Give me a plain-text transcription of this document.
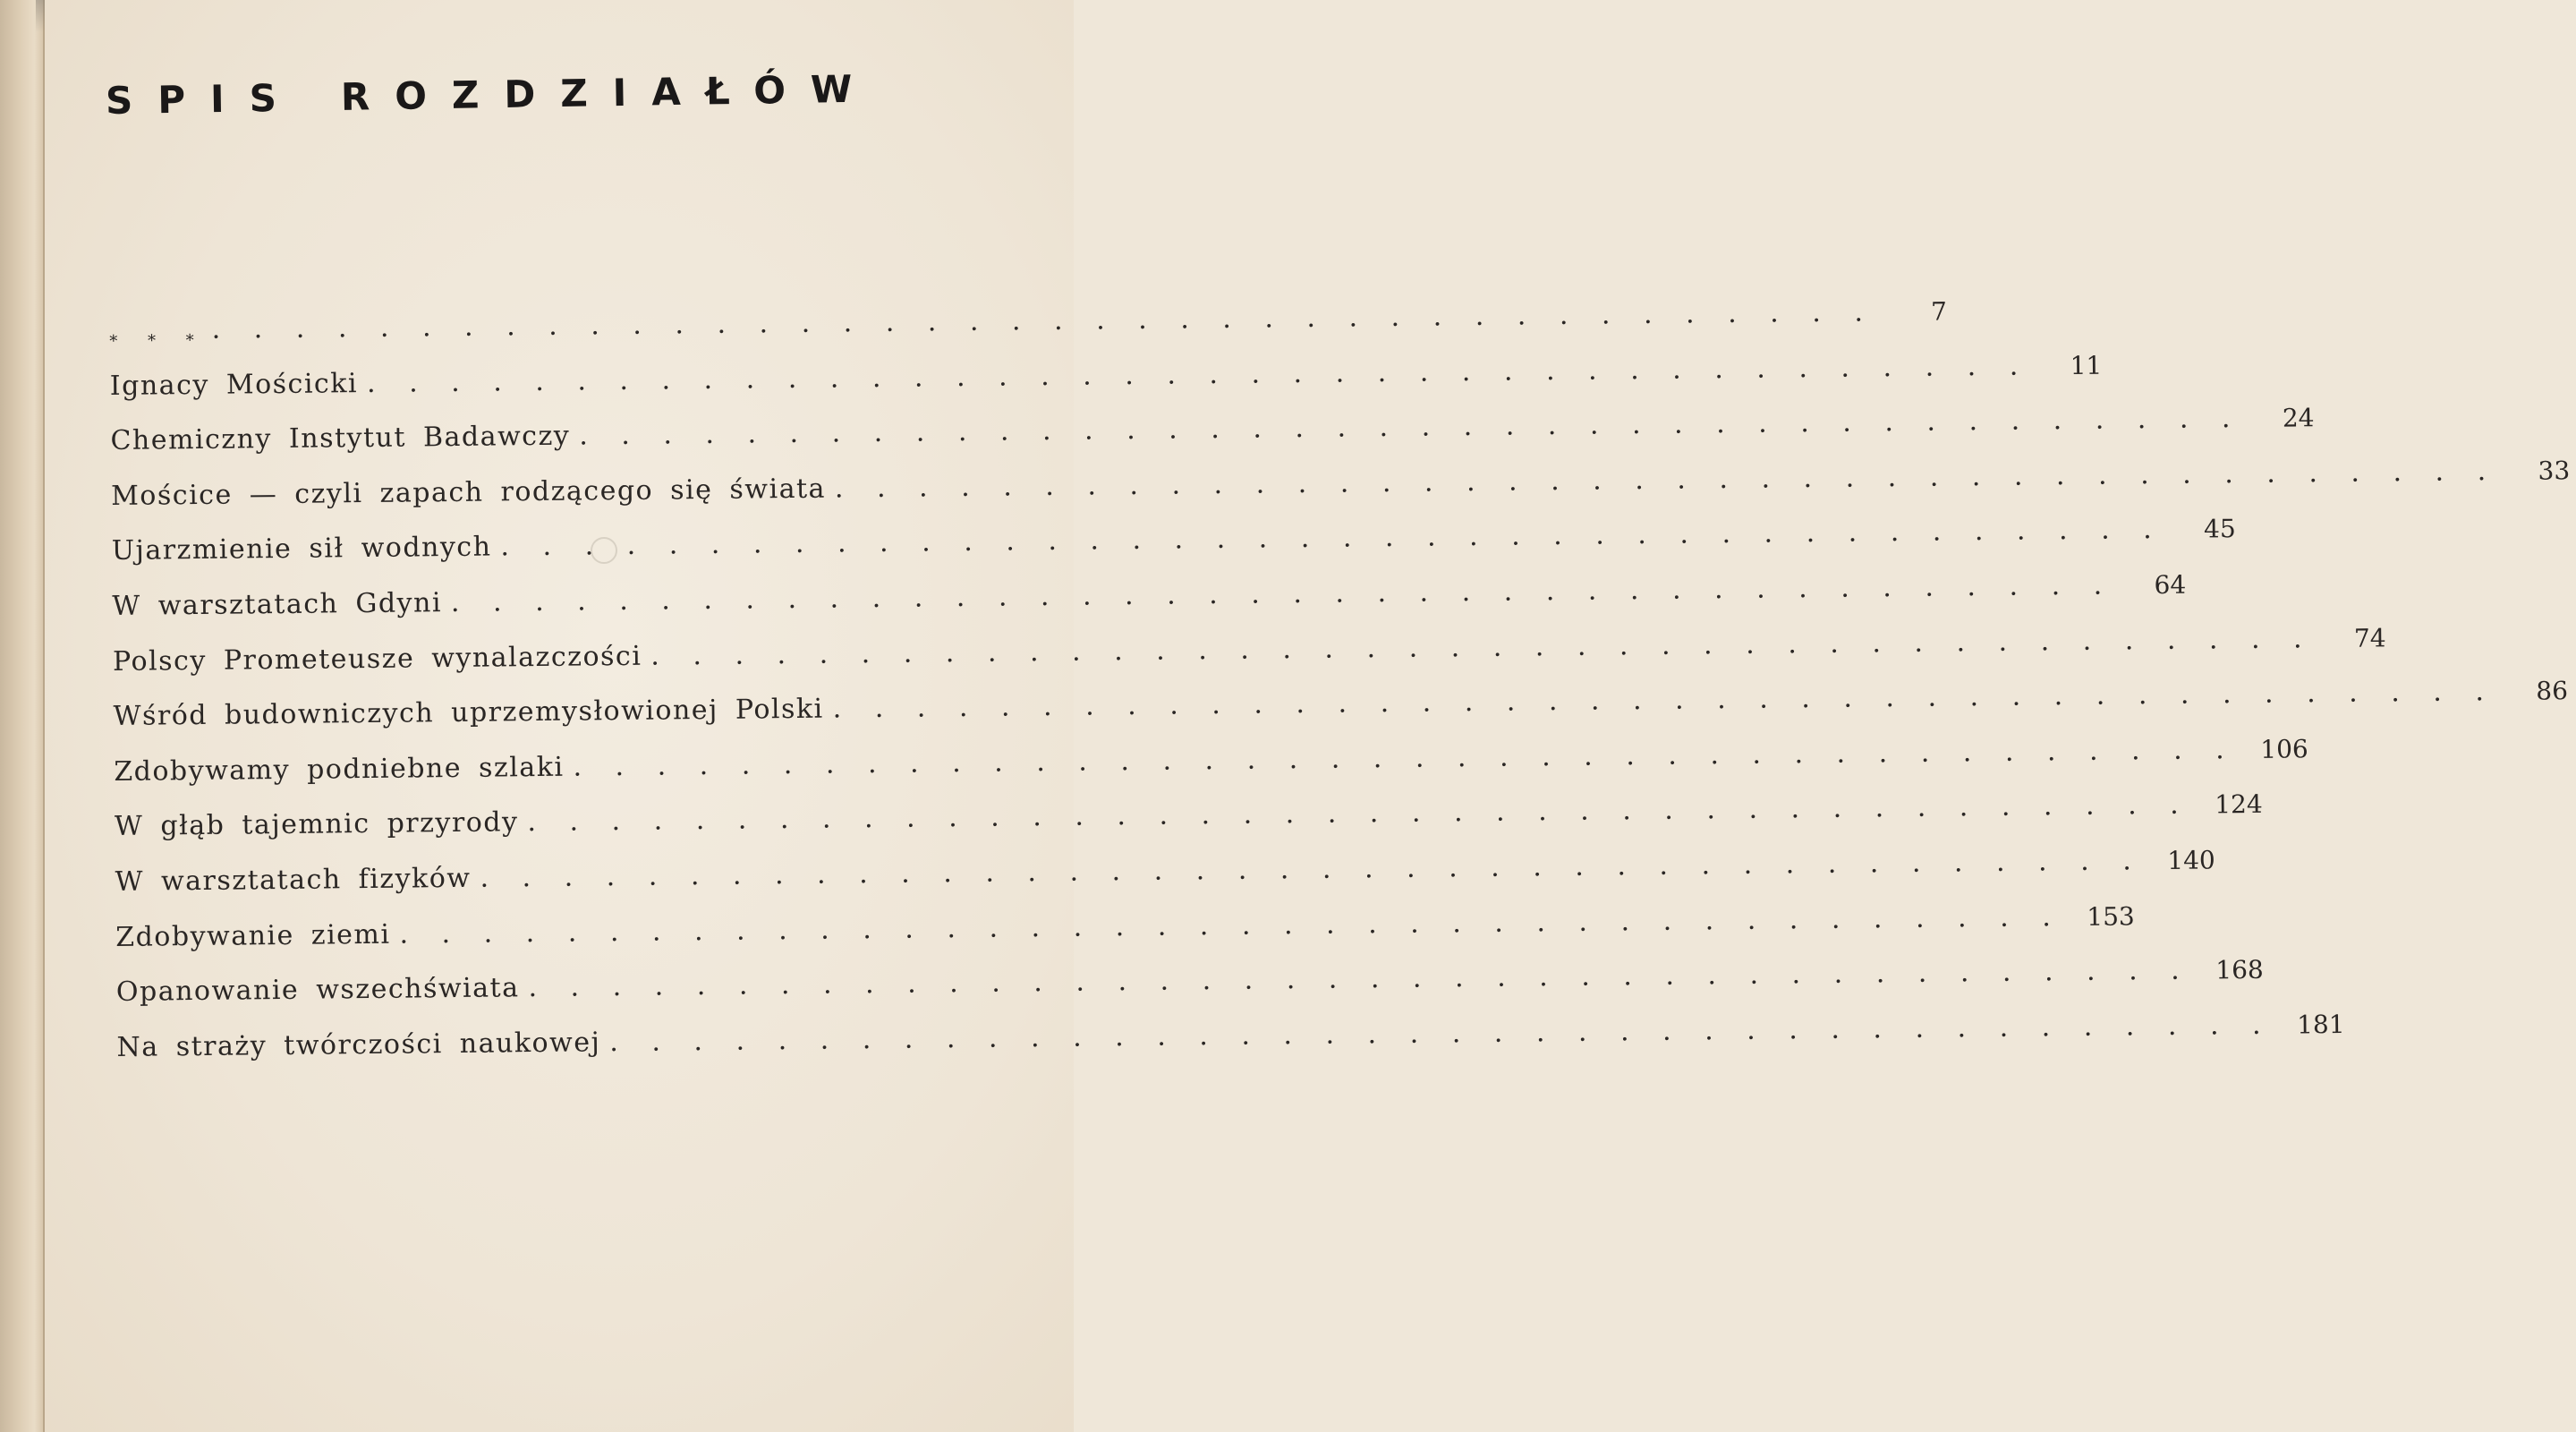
SPIS ROZDZIAŁÓW
* * * . . . . . . . . . . . . . . . . . . . . . . . . . . . . . . . . . . . . . . . .	7
Ignacy Mościcki . . . . . . . . . . . . . . . . . . . . . . . . . . . . . . . . . . . . . . . .	11
Chemiczny Instytut Badawczy . . . . . . . . . . . . . . . . . . . . . . . . . . . . . . . . . . . . . . . .	24
Mościce — czyli zapach rodzącego się świata . . . . . . . . . . . . . . . . . . . . . . . . . . . . . . . . . . . . . . . .	33
Ujarzmienie sił wodnych . . . . . . . . . . . . . . . . . . . . . . . . . . . . . . . . . . . . . . . .	45
W warsztatach Gdyni . . . . . . . . . . . . . . . . . . . . . . . . . . . . . . . . . . . . . . . .	64
Polscy Prometeusze wynalazczości . . . . . . . . . . . . . . . . . . . . . . . . . . . . . . . . . . . . . . . .	74
Wśród budowniczych uprzemysłowionej Polski . . . . . . . . . . . . . . . . . . . . . . . . . . . . . . . . . . . . . . . .	86
Zdobywamy podniebne szlaki . . . . . . . . . . . . . . . . . . . . . . . . . . . . . . . . . . . . . . . . 106
W głąb tajemnic przyrody . . . . . . . . . . . . . . . . . . . . . . . . . . . . . . . . . . . . . . . . 124
W warsztatach fizyków . . . . . . . . . . . . . . . . . . . . . . . . . . . . . . . . . . . . . . . . 140
Zdobywanie ziemi . . . . . . . . . . . . . . . . . . . . . . . . . . . . . . . . . . . . . . . . 153
Opanowanie wszechświata . . . . . . . . . . . . . . . . . . . . . . . . . . . . . . . . . . . . . . . . 168
Na straży twórczości naukowej . . . . . . . . . . . . . . . . . . . . . . . . . . . . . . . . . . . . . . . . 181
